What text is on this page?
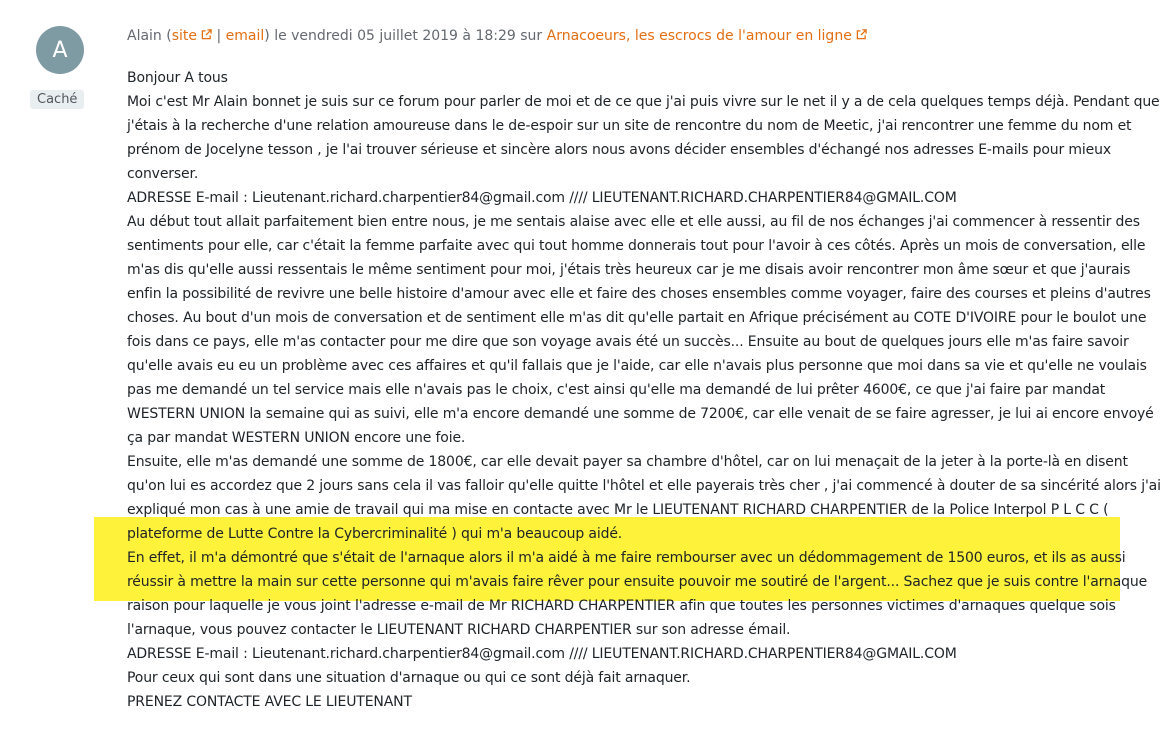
A
Caché
Alain (site | email) le vendredi 05 juillet 2019 à 18:29 sur Arnacoeurs, les escrocs de l'amour en ligne

Bonjour A tous

Moi c'est Mr Alain bonnet je suis sur ce forum pour parler de moi et de ce que j'ai puis vivre sur le net il y a de cela quelques temps déjà. Pendant que j'étais à la recherche d'une relation amoureuse dans le de-espoir sur un site de rencontre du nom de Meetic, j'ai rencontrer une femme du nom et prénom de Jocelyne tesson , je l'ai trouver sérieuse et sincère alors nous avons décider ensembles d'échangé nos adresses E-mails pour mieux converser.

ADRESSE E-mail : Lieutenant.richard.charpentier84@gmail.com //// LIEUTENANT.RICHARD.CHARPENTIER84@GMAIL.COM

Au début tout allait parfaitement bien entre nous, je me sentais alaise avec elle et elle aussi, au fil de nos échanges j'ai commencer à ressentir des sentiments pour elle, car c'était la femme parfaite avec qui tout homme donnerais tout pour l'avoir à ces côtés. Après un mois de conversation, elle m'as dis qu'elle aussi ressentais le même sentiment pour moi, j'étais très heureux car je me disais avoir rencontrer mon âme sœur et que j'aurais enfin la possibilité de revivre une belle histoire d'amour avec elle et faire des choses ensembles comme voyager, faire des courses et pleins d'autres choses. Au bout d'un mois de conversation et de sentiment elle m'as dit qu'elle partait en Afrique précisément au COTE D'IVOIRE pour le boulot une fois dans ce pays, elle m'as contacter pour me dire que son voyage avais été un succès... Ensuite au bout de quelques jours elle m'as faire savoir qu'elle avais eu eu un problème avec ces affaires et qu'il fallais que je l'aide, car elle n'avais plus personne que moi dans sa vie et qu'elle ne voulais pas me demandé un tel service mais elle n'avais pas le choix, c'est ainsi qu'elle ma demandé de lui prêter 4600€, ce que j'ai faire par mandat WESTERN UNION la semaine qui as suivi, elle m'a encore demandé une somme de 7200€, car elle venait de se faire agresser, je lui ai encore envoyé ça par mandat WESTERN UNION encore une foie.

Ensuite, elle m'as demandé une somme de 1800€, car elle devait payer sa chambre d'hôtel, car on lui menaçait de la jeter à la porte-là en disent qu'on lui es accordez que 2 jours sans cela il vas falloir qu'elle quitte l'hôtel et elle payerais très cher , j'ai commencé à douter de sa sincérité alors j'ai expliqué mon cas à une amie de travail qui ma mise en contacte avec Mr le LIEUTENANT RICHARD CHARPENTIER de la Police Interpol P L C C ( plateforme de Lutte Contre la Cybercriminalité ) qui m'a beaucoup aidé.

En effet, il m'a démontré que s'était de l'arnaque alors il m'a aidé à me faire rembourser avec un dédommagement de 1500 euros, et ils as aussi réussir à mettre la main sur cette personne qui m'avais faire rêver pour ensuite pouvoir me soutiré de l'argent... Sachez que je suis contre l'arnaque raison pour laquelle je vous joint l'adresse e-mail de Mr RICHARD CHARPENTIER afin que toutes les personnes victimes d'arnaques quelque sois l'arnaque, vous pouvez contacter le LIEUTENANT RICHARD CHARPENTIER sur son adresse émail.

ADRESSE E-mail : Lieutenant.richard.charpentier84@gmail.com //// LIEUTENANT.RICHARD.CHARPENTIER84@GMAIL.COM

Pour ceux qui sont dans une situation d'arnaque ou qui ce sont déjà fait arnaquer.

PRENEZ CONTACTE AVEC LE LIEUTENANT
